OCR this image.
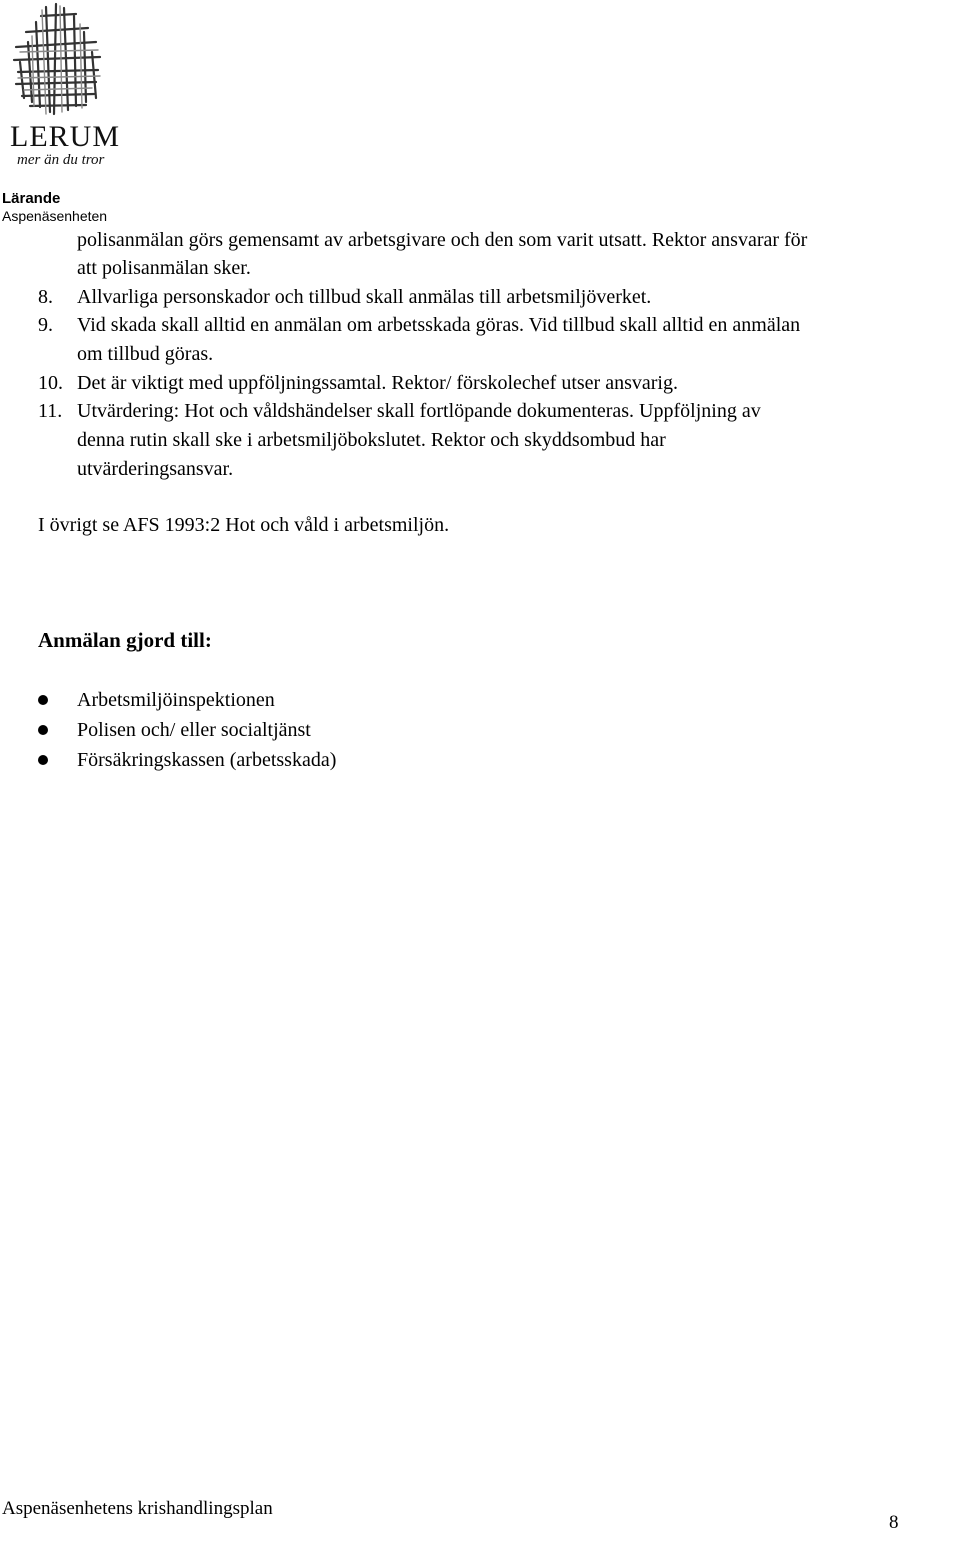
LERUM
mer än du tror
Lärande
Aspenäsenheten
polisanmälan görs gemensamt av arbetsgivare och den som varit utsatt. Rektor ansvarar för
att polisanmälan sker.
8. Allvarliga personskador och tillbud skall anmälas till arbetsmiljöverket.
9. Vid skada skall alltid en anmälan om arbetsskada göras. Vid tillbud skall alltid en anmälan
om tillbud göras.
10. Det är viktigt med uppföljningssamtal. Rektor/ förskolechef utser ansvarig.
11. Utvärdering: Hot och våldshändelser skall fortlöpande dokumenteras. Uppföljning av
denna rutin skall ske i arbetsmiljöbokslutet. Rektor och skyddsombud har
utvärderingsansvar.
I övrigt se AFS 1993:2 Hot och våld i arbetsmiljön.
Anmälan gjord till:
Arbetsmiljöinspektionen
Polisen och/ eller socialtjänst
Försäkringskassen (arbetsskada)
Aspenäsenhetens krishandlingsplan
8
